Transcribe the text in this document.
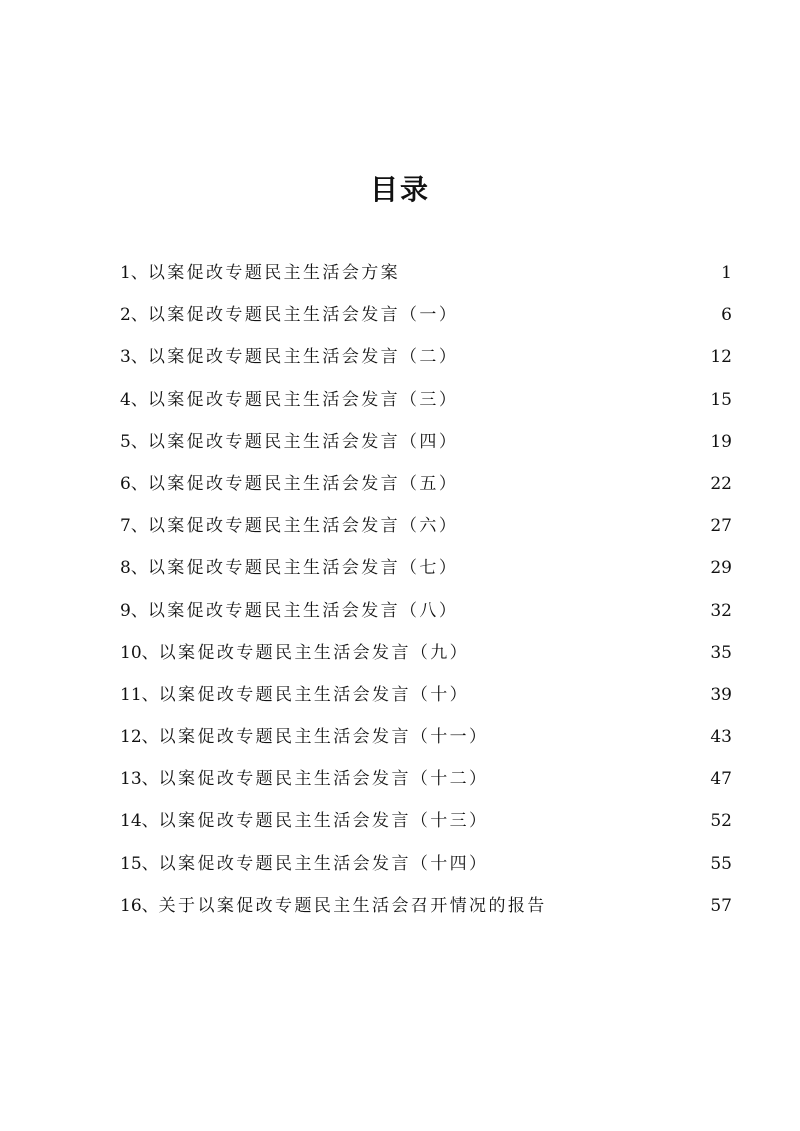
目录
1、 以案促改专题民主生活会方案	1
2、 以案促改专题民主生活会发言（一）	6
3、 以案促改专题民主生活会发言（二）	12
4、 以案促改专题民主生活会发言（三）	15
5、 以案促改专题民主生活会发言（四）	19
6、 以案促改专题民主生活会发言（五）	22
7、 以案促改专题民主生活会发言（六）	27
8、 以案促改专题民主生活会发言（七）	29
9、 以案促改专题民主生活会发言（八）	32
10、 以案促改专题民主生活会发言（九）	35
11、 以案促改专题民主生活会发言（十）	39
12、 以案促改专题民主生活会发言（十一）	43
13、 以案促改专题民主生活会发言（十二）	47
14、 以案促改专题民主生活会发言（十三）	52
15、 以案促改专题民主生活会发言（十四）	55
16、 关于以案促改专题民主生活会召开情况的报告	57
